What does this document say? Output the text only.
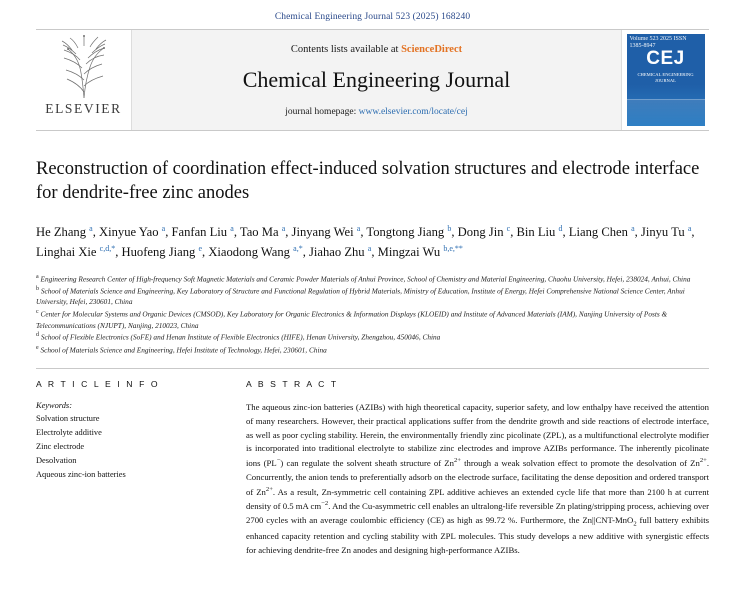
Chemical Engineering Journal 523 (2025) 168240
ELSEVIER
Contents lists available at ScienceDirect
Chemical Engineering Journal
journal homepage: www.elsevier.com/locate/cej
Volume 523 2025 ISSN 1385-8947
CEJ
CHEMICAL ENGINEERING JOURNAL
Reconstruction of coordination effect-induced solvation structures and electrode interface for dendrite-free zinc anodes
He Zhang $^a$, Xinyue Yao $^a$, Fanfan Liu $^a$, Tao Ma $^a$, Jinyang Wei $^a$, Tongtong Jiang $^b$, Dong Jin $^c$, Bin Liu $^d$, Liang Chen $^a$, Jinyu Tu $^a$, Linghai Xie $^{c,d,*}$, Huofeng Jiang $^e$, Xiaodong Wang $^{a,*}$, Jiahao Zhu $^a$, Mingzai Wu $^{b,e,**}$

$^a$ Engineering Research Center of High-frequency Soft Magnetic Materials and Ceramic Powder Materials of Anhui Province, School of Chemistry and Material Engineering, Chaohu University, Hefei, 238024, Anhui, China

$^b$ School of Materials Science and Engineering, Key Laboratory of Structure and Functional Regulation of Hybrid Materials, Ministry of Education, Institute of Energy, Hefei Comprehensive National Science Center, Anhui University, Hefei, 230601, China

$^c$ Center for Molecular Systems and Organic Devices (CMSOD), Key Laboratory for Organic Electronics & Information Displays (KLOEID) and Institute of Advanced Materials (IAM), Nanjing University of Posts & Telecommunications (NJUPT), Nanjing, 210023, China

$^d$ School of Flexible Electronics (SoFE) and Henan Institute of Flexible Electronics (HIFE), Henan University, Zhengzhou, 450046, China

$^e$ School of Materials Science and Engineering, Hefei Institute of Technology, Hefei, 230601, China

A R T I C L E I N F O
Keywords:
Solvation structure
Electrolyte additive
Zinc electrode
Desolvation
Aqueous zinc-ion batteries
A B S T R A C T
The aqueous zinc-ion batteries (AZIBs) with high theoretical capacity, superior safety, and low enthalpy have received the attention of many researchers. However, their practical applications suffer from the dendrite growth and side reactions of electrode interface, as well as poor cycling stability. Herein, the environmentally friendly zinc picolinate (ZPL), as a multifunctional electrolyte modifier is incorporated into traditional electrolyte to stabilize zinc electrodes and improve AZIBs performance. The inherently picolinate ions (PL−) can regulate the solvent sheath structure of $Zn^{2+}$ through a weak solvation effect to promote the desolvation of $Zn^{2+}$. Concurrently, the anion tends to preferentially adsorb on the electrode surface, facilitating the dense deposition and ordered transport of $Zn^{2+}$. As a result, Zn-symmetric cell containing ZPL additive achieves an extended cycle life that more than 2100 h at current density of 0.5 mA $cm^{-2}$. And the Cu-asymmetric cell enables an ultralong-life reversible Zn plating/stripping process, achieving over 2700 cycles with an average coulombic efficiency (CE) as high as 99.72 %. Furthermore, the Zn||CNT-MnO$_2$ full battery exhibits enhanced capacity retention and cycling stability with ZPL molecules. This study develops a new additive with synergistic effects for achieving dendrite-free Zn anodes and designing high-performance AZIBs.
